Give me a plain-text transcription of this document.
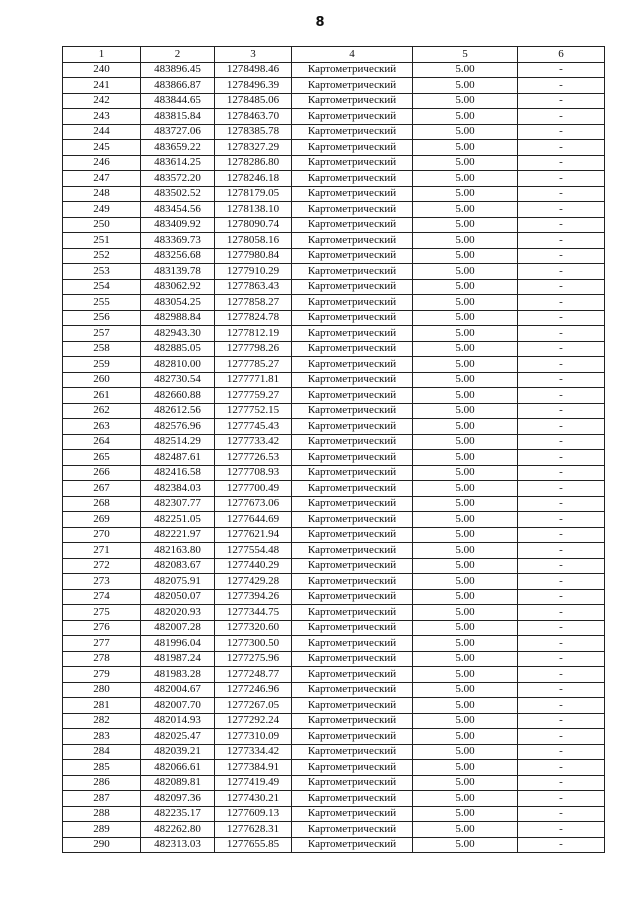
8
1	2	3	4	5	6
240	483896.45	1278498.46	Картометрический	5.00	-
241	483866.87	1278496.39	Картометрический	5.00	-
242	483844.65	1278485.06	Картометрический	5.00	-
243	483815.84	1278463.70	Картометрический	5.00	-
244	483727.06	1278385.78	Картометрический	5.00	-
245	483659.22	1278327.29	Картометрический	5.00	-
246	483614.25	1278286.80	Картометрический	5.00	-
247	483572.20	1278246.18	Картометрический	5.00	-
248	483502.52	1278179.05	Картометрический	5.00	-
249	483454.56	1278138.10	Картометрический	5.00	-
250	483409.92	1278090.74	Картометрический	5.00	-
251	483369.73	1278058.16	Картометрический	5.00	-
252	483256.68	1277980.84	Картометрический	5.00	-
253	483139.78	1277910.29	Картометрический	5.00	-
254	483062.92	1277863.43	Картометрический	5.00	-
255	483054.25	1277858.27	Картометрический	5.00	-
256	482988.84	1277824.78	Картометрический	5.00	-
257	482943.30	1277812.19	Картометрический	5.00	-
258	482885.05	1277798.26	Картометрический	5.00	-
259	482810.00	1277785.27	Картометрический	5.00	-
260	482730.54	1277771.81	Картометрический	5.00	-
261	482660.88	1277759.27	Картометрический	5.00	-
262	482612.56	1277752.15	Картометрический	5.00	-
263	482576.96	1277745.43	Картометрический	5.00	-
264	482514.29	1277733.42	Картометрический	5.00	-
265	482487.61	1277726.53	Картометрический	5.00	-
266	482416.58	1277708.93	Картометрический	5.00	-
267	482384.03	1277700.49	Картометрический	5.00	-
268	482307.77	1277673.06	Картометрический	5.00	-
269	482251.05	1277644.69	Картометрический	5.00	-
270	482221.97	1277621.94	Картометрический	5.00	-
271	482163.80	1277554.48	Картометрический	5.00	-
272	482083.67	1277440.29	Картометрический	5.00	-
273	482075.91	1277429.28	Картометрический	5.00	-
274	482050.07	1277394.26	Картометрический	5.00	-
275	482020.93	1277344.75	Картометрический	5.00	-
276	482007.28	1277320.60	Картометрический	5.00	-
277	481996.04	1277300.50	Картометрический	5.00	-
278	481987.24	1277275.96	Картометрический	5.00	-
279	481983.28	1277248.77	Картометрический	5.00	-
280	482004.67	1277246.96	Картометрический	5.00	-
281	482007.70	1277267.05	Картометрический	5.00	-
282	482014.93	1277292.24	Картометрический	5.00	-
283	482025.47	1277310.09	Картометрический	5.00	-
284	482039.21	1277334.42	Картометрический	5.00	-
285	482066.61	1277384.91	Картометрический	5.00	-
286	482089.81	1277419.49	Картометрический	5.00	-
287	482097.36	1277430.21	Картометрический	5.00	-
288	482235.17	1277609.13	Картометрический	5.00	-
289	482262.80	1277628.31	Картометрический	5.00	-
290	482313.03	1277655.85	Картометрический	5.00	-
